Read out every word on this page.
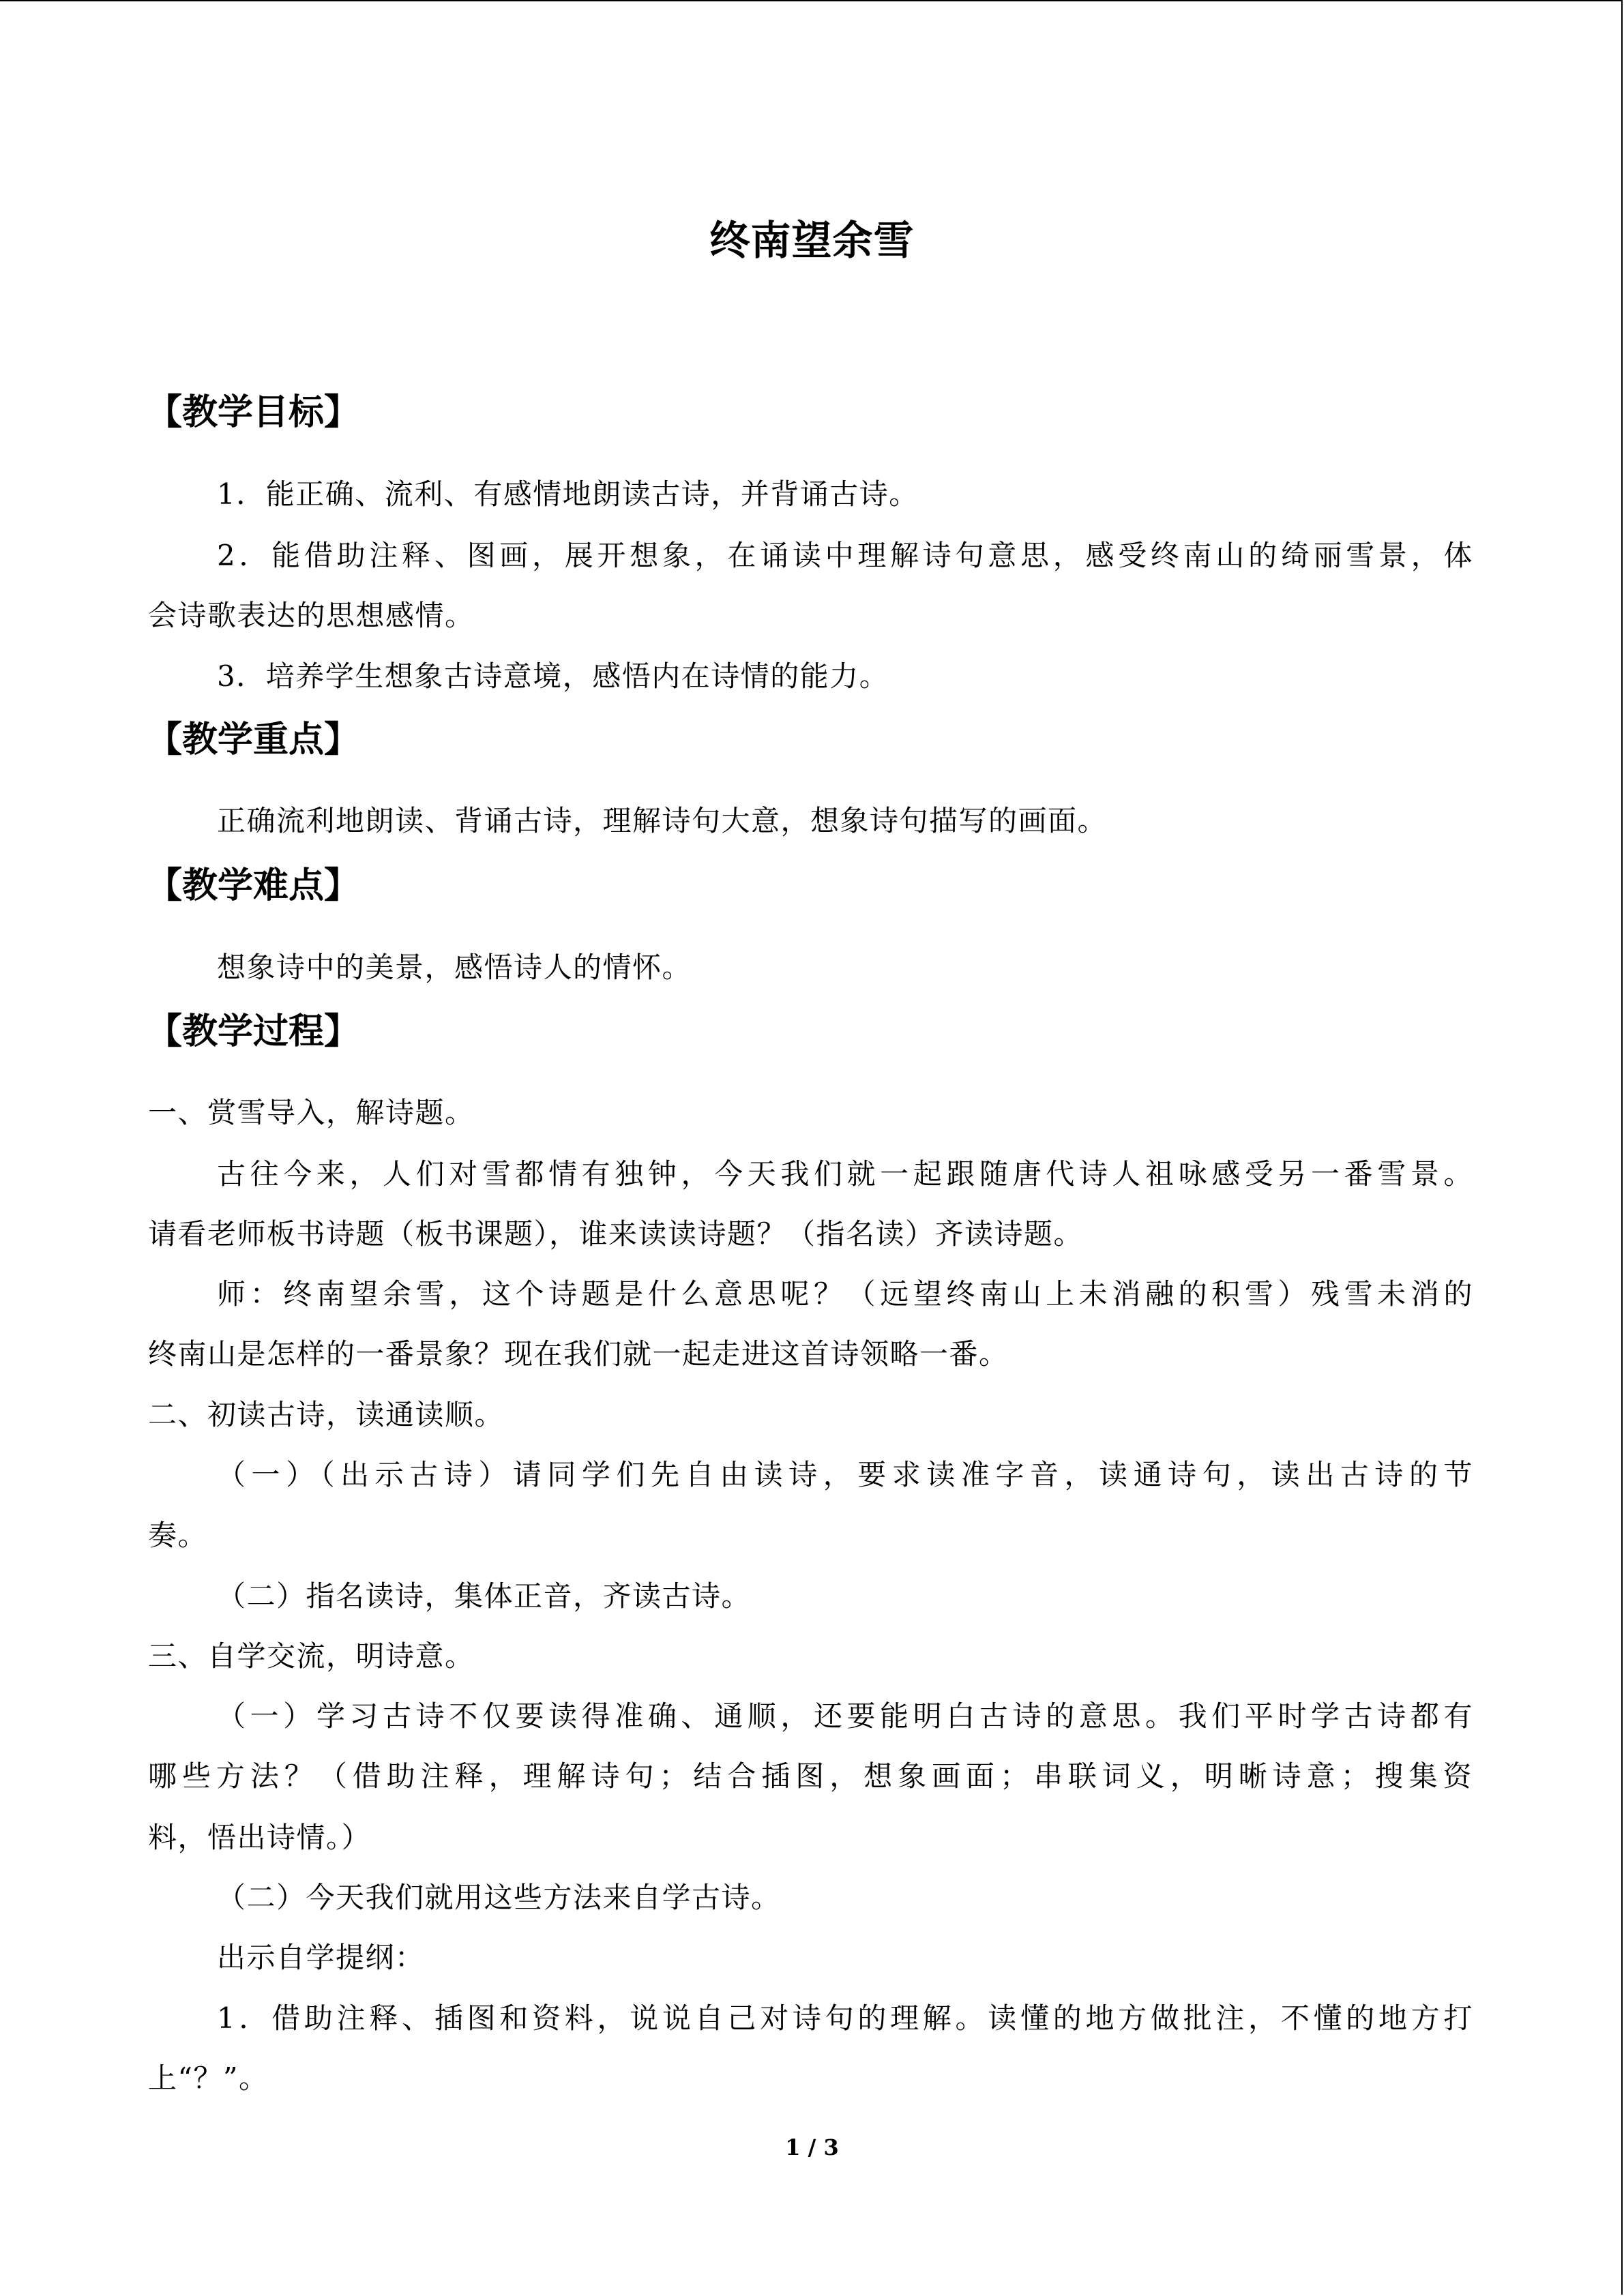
终南望余雪
【教学目标】
1．能正确、流利、有感情地朗读古诗，并背诵古诗。
2．能借助注释、图画，展开想象，在诵读中理解诗句意思，感受终南山的绮丽雪景，体
会诗歌表达的思想感情。
3．培养学生想象古诗意境，感悟内在诗情的能力。
【教学重点】
正确流利地朗读、背诵古诗，理解诗句大意，想象诗句描写的画面。
【教学难点】
想象诗中的美景，感悟诗人的情怀。
【教学过程】
一、赏雪导入，解诗题。
古往今来，人们对雪都情有独钟，今天我们就一起跟随唐代诗人祖咏感受另一番雪景。
请看老师板书诗题（板书课题），谁来读读诗题？（指名读）齐读诗题。
师：终南望余雪，这个诗题是什么意思呢？（远望终南山上未消融的积雪）残雪未消的
终南山是怎样的一番景象？现在我们就一起走进这首诗领略一番。
二、初读古诗，读通读顺。
（一）（出示古诗）请同学们先自由读诗，要求读准字音，读通诗句，读出古诗的节
奏。
（二）指名读诗，集体正音，齐读古诗。
三、自学交流，明诗意。
（一）学习古诗不仅要读得准确、通顺，还要能明白古诗的意思。我们平时学古诗都有
哪些方法？（借助注释，理解诗句；结合插图，想象画面；串联词义，明晰诗意；搜集资
料，悟出诗情。）
（二）今天我们就用这些方法来自学古诗。
出示自学提纲：
1．借助注释、插图和资料，说说自己对诗句的理解。读懂的地方做批注，不懂的地方打
上“？”。
1 / 3
